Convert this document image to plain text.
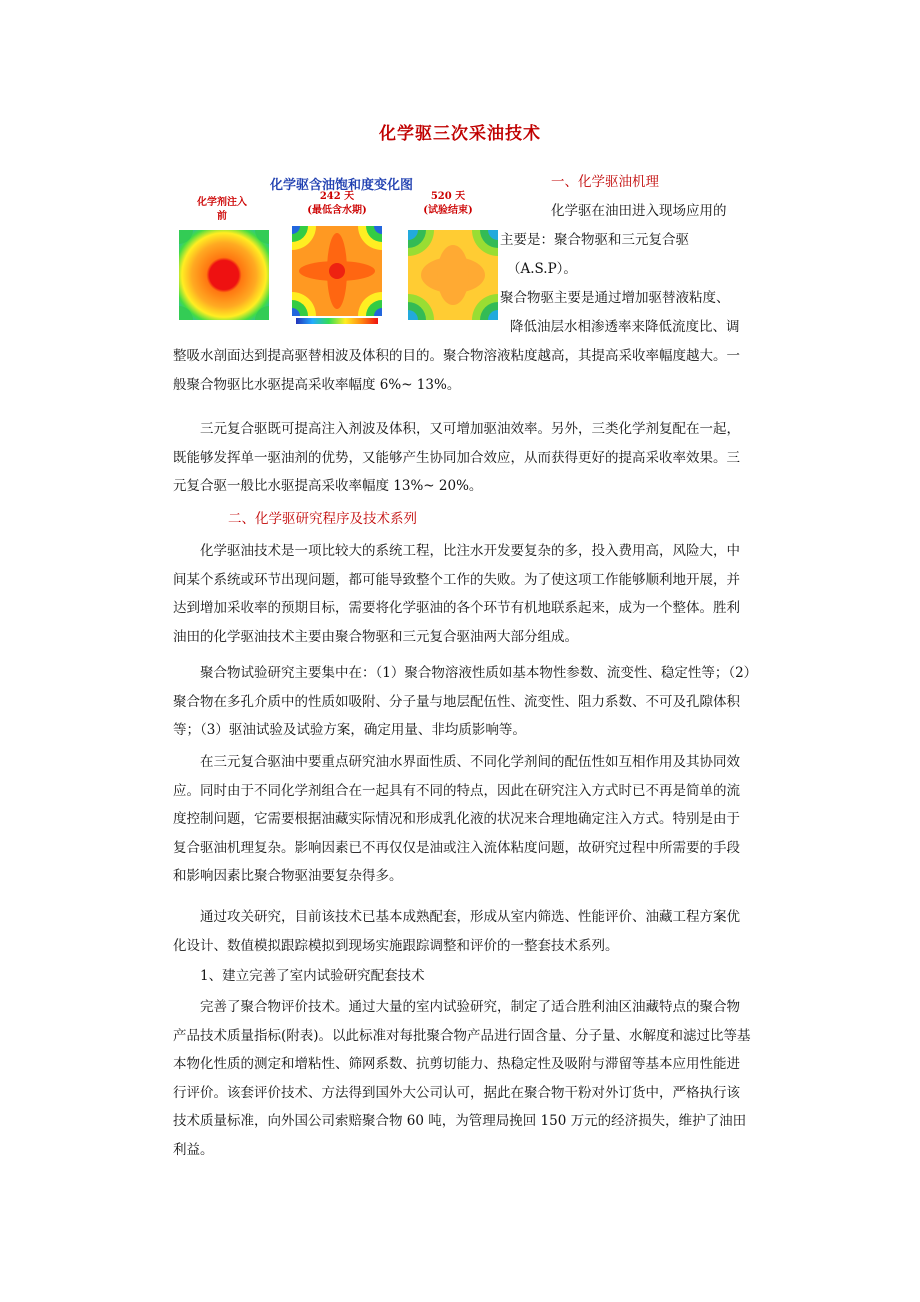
化学驱三次采油技术
化学驱含油饱和度变化图
化学剂注入
前
242 天
(最低含水期)
520 天
(试验结束)
一、化学驱油机理
化学驱在油田进入现场应用的
主要是：聚合物驱和三元复合驱
（A.S.P）。
聚合物驱主要是通过增加驱替液粘度、
降低油层水相渗透率来降低流度比、调
整吸水剖面达到提高驱替相波及体积的目的。聚合物溶液粘度越高，其提高采收率幅度越大。一般聚合物驱比水驱提高采收率幅度 6%~ 13%。
三元复合驱既可提高注入剂波及体积，又可增加驱油效率。另外，三类化学剂复配在一起，既能够发挥单一驱油剂的优势，又能够产生协同加合效应，从而获得更好的提高采收率效果。三元复合驱一般比水驱提高采收率幅度 13%~ 20%。
二、化学驱研究程序及技术系列
化学驱油技术是一项比较大的系统工程，比注水开发要复杂的多，投入费用高，风险大，中间某个系统或环节出现问题，都可能导致整个工作的失败。为了使这项工作能够顺利地开展，并达到增加采收率的预期目标，需要将化学驱油的各个环节有机地联系起来，成为一个整体。胜利油田的化学驱油技术主要由聚合物驱和三元复合驱油两大部分组成。
聚合物试验研究主要集中在：（1）聚合物溶液性质如基本物性参数、流变性、稳定性等；（2）聚合物在多孔介质中的性质如吸附、分子量与地层配伍性、流变性、阻力系数、不可及孔隙体积等；（3）驱油试验及试验方案，确定用量、非均质影响等。
在三元复合驱油中要重点研究油水界面性质、不同化学剂间的配伍性如互相作用及其协同效应。同时由于不同化学剂组合在一起具有不同的特点，因此在研究注入方式时已不再是简单的流度控制问题，它需要根据油藏实际情况和形成乳化液的状况来合理地确定注入方式。特别是由于复合驱油机理复杂。影响因素已不再仅仅是油或注入流体粘度问题，故研究过程中所需要的手段和影响因素比聚合物驱油要复杂得多。
通过攻关研究，目前该技术已基本成熟配套，形成从室内筛选、性能评价、油藏工程方案优化设计、数值模拟跟踪模拟到现场实施跟踪调整和评价的一整套技术系列。
1、建立完善了室内试验研究配套技术
完善了聚合物评价技术。通过大量的室内试验研究，制定了适合胜利油区油藏特点的聚合物产品技术质量指标(附表)。以此标准对每批聚合物产品进行固含量、分子量、水解度和滤过比等基本物化性质的测定和增粘性、筛网系数、抗剪切能力、热稳定性及吸附与滞留等基本应用性能进行评价。该套评价技术、方法得到国外大公司认可，据此在聚合物干粉对外订货中，严格执行该技术质量标准，向外国公司索赔聚合物 60 吨，为管理局挽回 150 万元的经济损失，维护了油田利益。
